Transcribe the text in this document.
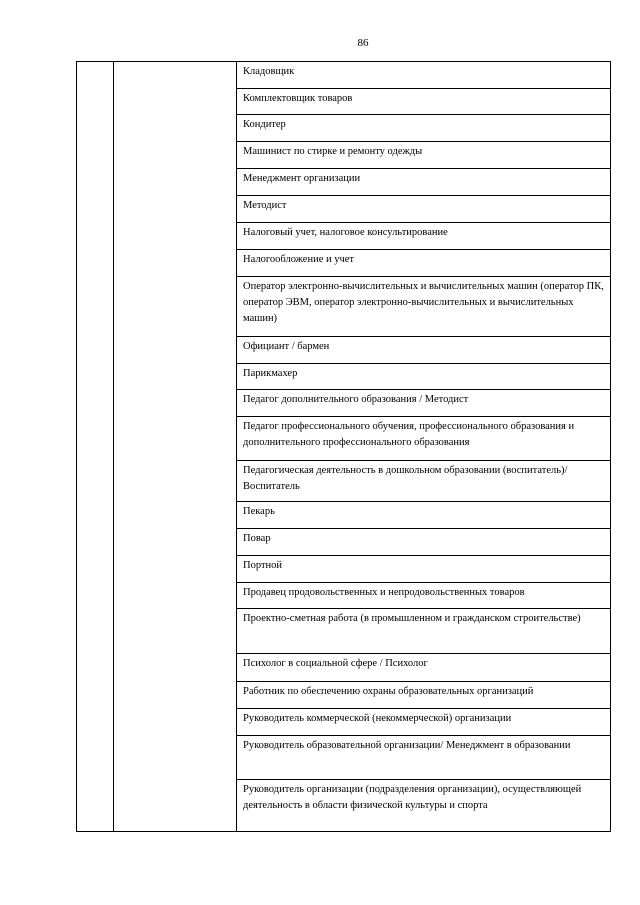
86
Кладовщик
Комплектовщик товаров
Кондитер
Машинист по стирке и ремонту одежды
Менеджмент организации
Методист
Налоговый учет, налоговое консультирование
Налогообложение и учет
Оператор электронно-вычислительных и вычислительных машин (оператор ПК, оператор ЭВМ, оператор электронно-вычислительных и вычислительных машин)
Официант / бармен
Парикмахер
Педагог дополнительного образования / Методист
Педагог профессионального обучения, профессионального образования и дополнительного профессионального образования
Педагогическая деятельность в дошкольном образовании (воспитатель)/Воспитатель
Пекарь
Повар
Портной
Продавец продовольственных и непродовольственных товаров
Проектно-сметная работа (в промышленном и гражданском строительстве)
Психолог в социальной сфере / Психолог
Работник по обеспечению охраны образовательных организаций
Руководитель коммерческой (некоммерческой) организации
Руководитель образовательной организации/ Менеджмент в образовании
Руководитель организации (подразделения организации), осуществляющей деятельность в области физической культуры и спорта
